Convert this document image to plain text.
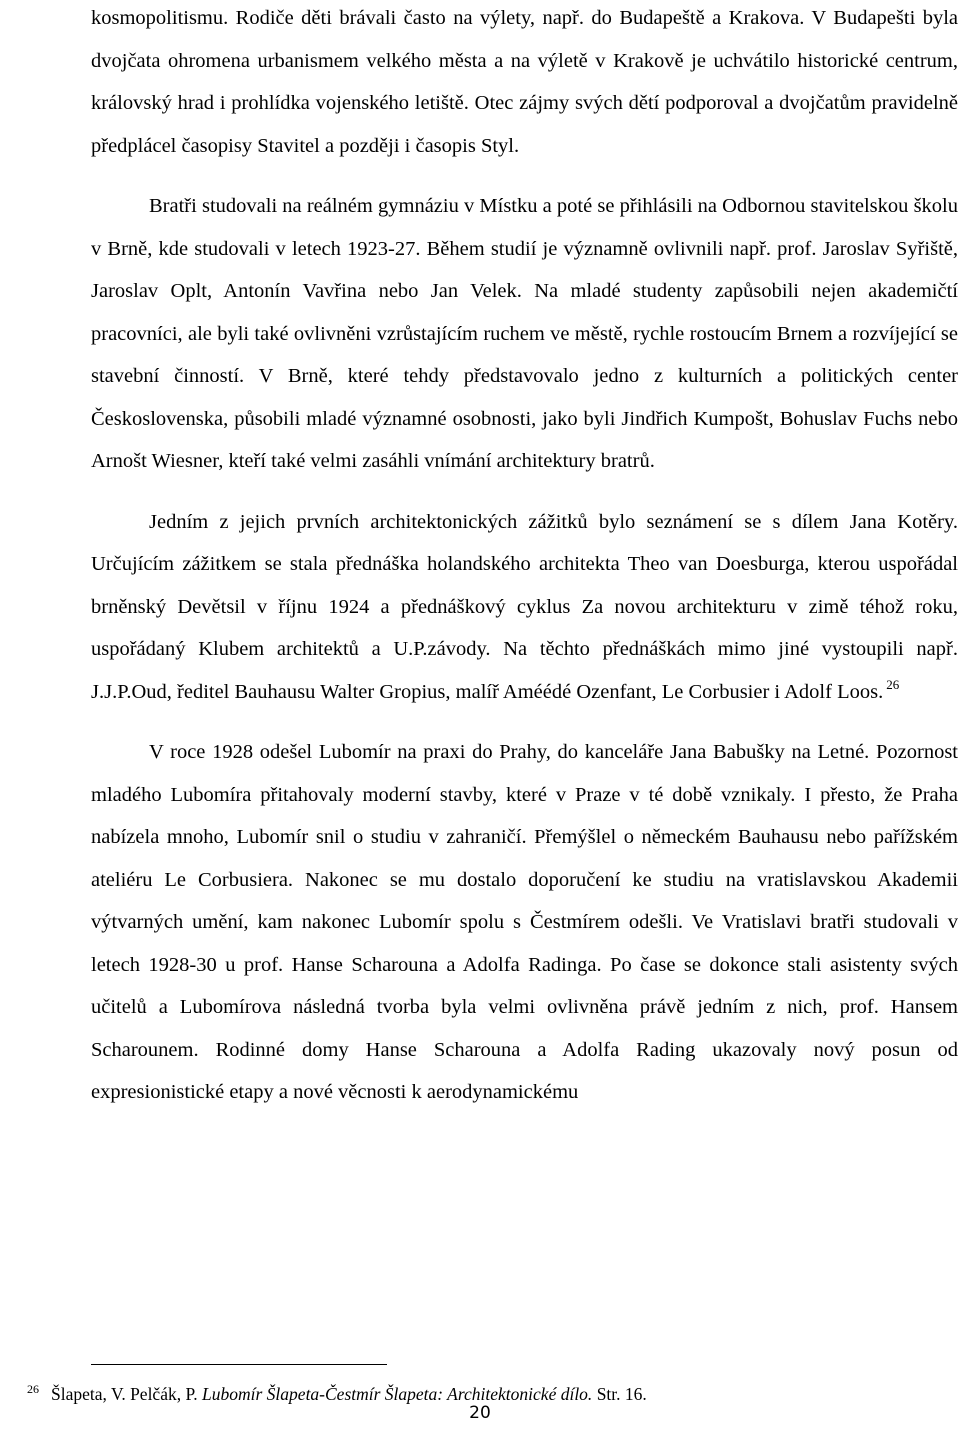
kosmopolitismu. Rodiče děti brávali často na výlety, např. do Budapeště a Krakova. V Budapešti byla dvojčata ohromena urbanismem velkého města a na výletě v Krakově je uchvátilo historické centrum, královský hrad i prohlídka vojenského letiště. Otec zájmy svých dětí podporoval a dvojčatům pravidelně předplácel časopisy Stavitel a později i časopis Styl.

Bratři studovali na reálném gymnáziu v Místku a poté se přihlásili na Odbornou stavitelskou školu v Brně, kde studovali v letech 1923-27. Během studií je významně ovlivnili např. prof. Jaroslav Syřiště, Jaroslav Oplt, Antonín Vavřina nebo Jan Velek. Na mladé studenty zapůsobili nejen akademičtí pracovníci, ale byli také ovlivněni vzrůstajícím ruchem ve městě, rychle rostoucím Brnem a rozvíjející se stavební činností. V Brně, které tehdy představovalo jedno z kulturních a politických center Československa, působili mladé významné osobnosti, jako byli Jindřich Kumpošt, Bohuslav Fuchs nebo Arnošt Wiesner, kteří také velmi zasáhli vnímání architektury bratrů.

Jedním z jejich prvních architektonických zážitků bylo seznámení se s dílem Jana Kotěry. Určujícím zážitkem se stala přednáška holandského architekta Theo van Doesburga, kterou uspořádal brněnský Devětsil v říjnu 1924 a přednáškový cyklus Za novou architekturu v zimě téhož roku, uspořádaný Klubem architektů a U.P.závody. Na těchto přednáškách mimo jiné vystoupili např. J.J.P.Oud, ředitel Bauhausu Walter Gropius, malíř Améédé Ozenfant, Le Corbusier i Adolf Loos. $^{26}$

V roce 1928 odešel Lubomír na praxi do Prahy, do kanceláře Jana Babušky na Letné. Pozornost mladého Lubomíra přitahovaly moderní stavby, které v Praze v té době vznikaly. I přesto, že Praha nabízela mnoho, Lubomír snil o studiu v zahraničí. Přemýšlel o německém Bauhausu nebo pařížském ateliéru Le Corbusiera. Nakonec se mu dostalo doporučení ke studiu na vratislavskou Akademii výtvarných umění, kam nakonec Lubomír spolu s Čestmírem odešli. Ve Vratislavi bratři studovali v letech 1928-30 u prof. Hanse Scharouna a Adolfa Radinga. Po čase se dokonce stali asistenty svých učitelů a Lubomírova následná tvorba byla velmi ovlivněna právě jedním z nich, prof. Hansem Scharounem. Rodinné domy Hanse Scharouna a Adolfa Rading ukazovaly nový posun od expresionistické etapy a nové věcnosti k aerodynamickému

$^{26}$ Šlapeta, V. Pelčák, P. Lubomír Šlapeta-Čestmír Šlapeta: Architektonické dílo. Str. 16.
20
